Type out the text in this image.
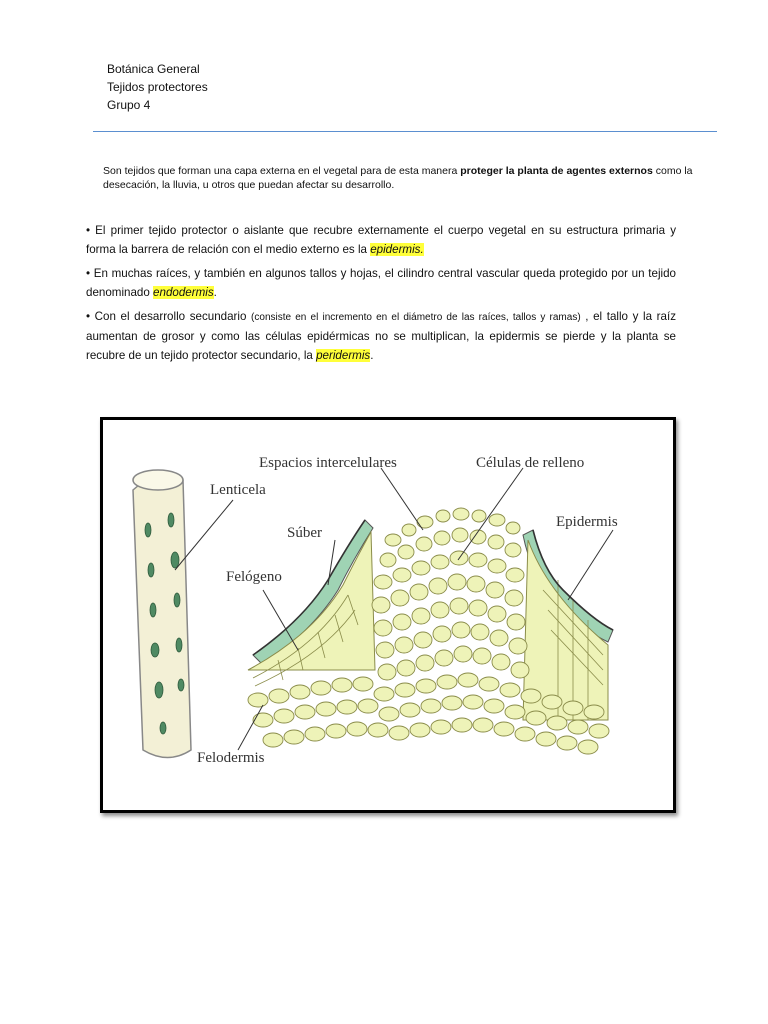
Botánica General
Tejidos protectores
Grupo 4
Son tejidos que forman una capa externa en el vegetal para de esta manera proteger la planta de agentes externos como la desecación, la lluvia, u otros que puedan afectar su desarrollo.

• El primer tejido protector o aislante que recubre externamente el cuerpo vegetal en su estructura primaria y forma la barrera de relación con el medio externo es la epidermis.

• En muchas raíces, y también en algunos tallos y hojas, el cilindro central vascular queda protegido por un tejido denominado endodermis.

• Con el desarrollo secundario (consiste en el incremento en el diámetro de las raíces, tallos y ramas) , el tallo y la raíz aumentan de grosor y como las células epidérmicas no se multiplican, la epidermis se pierde y la planta se recubre de un tejido protector secundario, la peridermis.

Espacios intercelulares	Células de relleno
Lenticela
Súber
Epidermis
Felógeno
Felodermis
